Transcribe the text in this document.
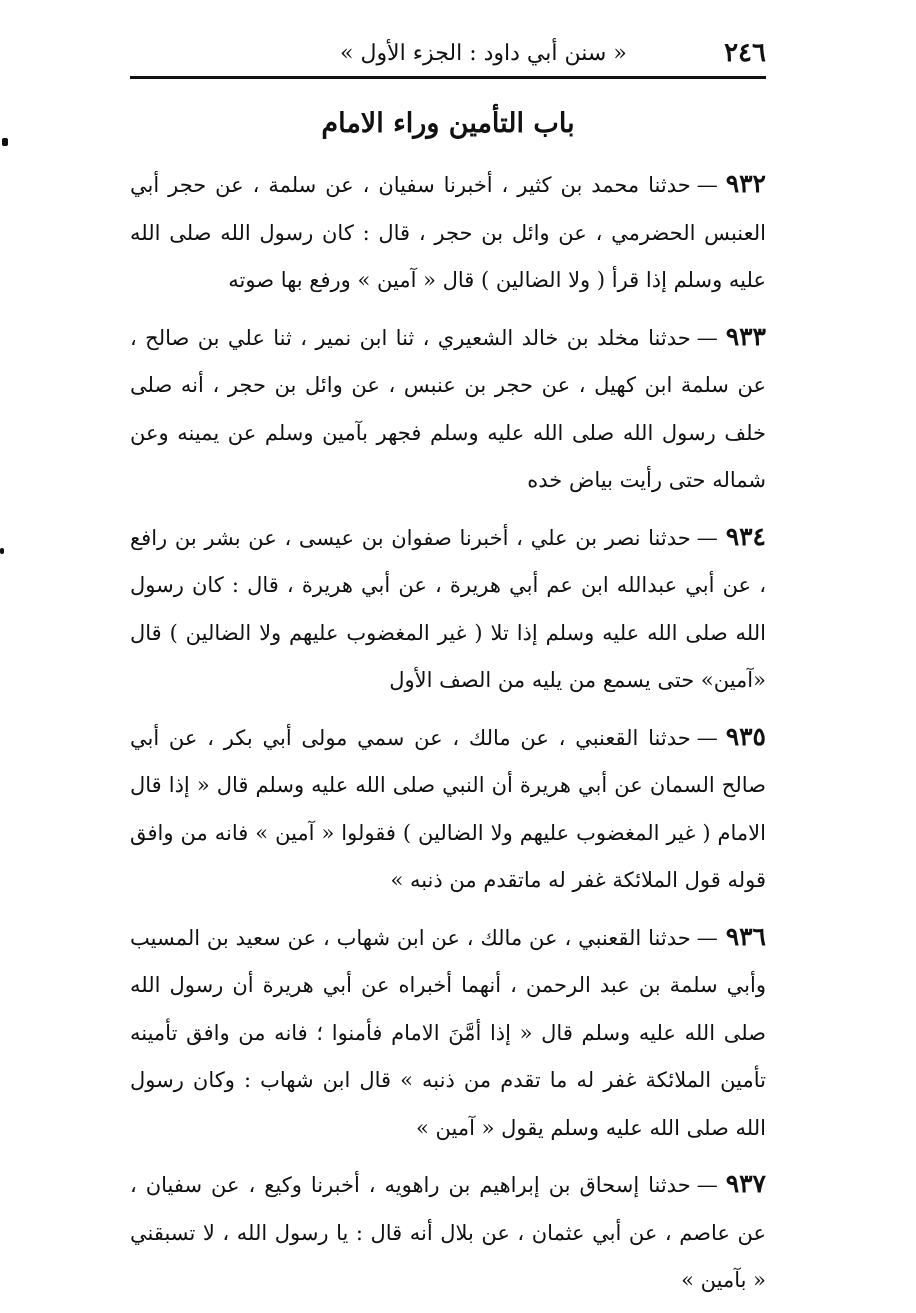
٢٤٦
« سنن أبي داود : الجزء الأول »
باب التأمين وراء الامام

٩٣٢—حدثنا محمد بن كثير ، أخبرنا سفيان ، عن سلمة ، عن حجر أبي العنبس الحضرمي ، عن وائل بن حجر ، قال : كان رسول الله صلى الله عليه وسلم إذا قرأ ( ولا الضالين ) قال « آمين » ورفع بها صوته

٩٣٣—حدثنا مخلد بن خالد الشعيري ، ثنا ابن نمير ، ثنا علي بن صالح ، عن سلمة ابن كهيل ، عن حجر بن عنبس ، عن وائل بن حجر ، أنه صلى خلف رسول الله صلى الله عليه وسلم فجهر بآمين وسلم عن يمينه وعن شماله حتى رأيت بياض خده

٩٣٤—حدثنا نصر بن علي ، أخبرنا صفوان بن عيسى ، عن بشر بن رافع ، عن أبي عبدالله ابن عم أبي هريرة ، عن أبي هريرة ، قال : كان رسول الله صلى الله عليه وسلم إذا تلا ( غير المغضوب عليهم ولا الضالين ) قال «آمين» حتى يسمع من يليه من الصف الأول

٩٣٥—حدثنا القعنبي ، عن مالك ، عن سمي مولى أبي بكر ، عن أبي صالح السمان عن أبي هريرة أن النبي صلى الله عليه وسلم قال « إذا قال الامام ( غير المغضوب عليهم ولا الضالين ) فقولوا « آمين » فانه من وافق قوله قول الملائكة غفر له ماتقدم من ذنبه »

٩٣٦—حدثنا القعنبي ، عن مالك ، عن ابن شهاب ، عن سعيد بن المسيب وأبي سلمة بن عبد الرحمن ، أنهما أخبراه عن أبي هريرة أن رسول الله صلى الله عليه وسلم قال « إذا أمَّنَ الامام فأمنوا ؛ فانه من وافق تأمينه تأمين الملائكة غفر له ما تقدم من ذنبه » قال ابن شهاب : وكان رسول الله صلى الله عليه وسلم يقول « آمين »

٩٣٧—حدثنا إسحاق بن إبراهيم بن راهويه ، أخبرنا وكيع ، عن سفيان ، عن عاصم ، عن أبي عثمان ، عن بلال أنه قال : يا رسول الله ، لا تسبقني « بآمين »
